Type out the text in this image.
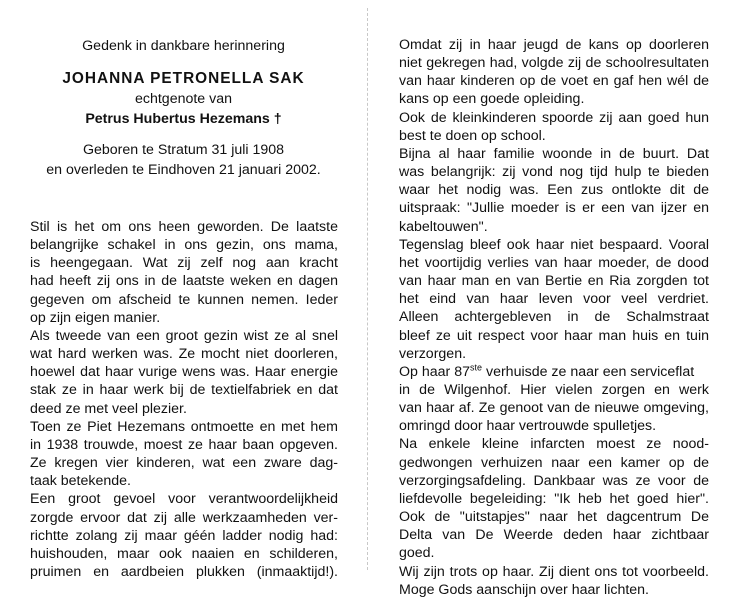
Gedenk in dankbare herinnering
JOHANNA PETRONELLA SAK
echtgenote van
Petrus Hubertus Hezemans †
Geboren te Stratum 31 juli 1908
en overleden te Eindhoven 21 januari 2002.
Stil is het om ons heen geworden. De laatste
belangrijke schakel in ons gezin, ons mama,
is heengegaan. Wat zij zelf nog aan kracht
had heeft zij ons in de laatste weken en dagen
gegeven om afscheid te kunnen nemen. Ieder
op zijn eigen manier.
Als tweede van een groot gezin wist ze al snel
wat hard werken was. Ze mocht niet doorleren,
hoewel dat haar vurige wens was. Haar energie
stak ze in haar werk bij de textielfabriek en dat
deed ze met veel plezier.
Toen ze Piet Hezemans ontmoette en met hem
in 1938 trouwde, moest ze haar baan opgeven.
Ze kregen vier kinderen, wat een zware dag-
taak betekende.
Een groot gevoel voor verantwoordelijkheid
zorgde ervoor dat zij alle werkzaamheden ver-
richtte zolang zij maar géén ladder nodig had:
huishouden, maar ook naaien en schilderen,
pruimen en aardbeien plukken (inmaaktijd!).
Omdat zij in haar jeugd de kans op doorleren
niet gekregen had, volgde zij de schoolresultaten
van haar kinderen op de voet en gaf hen wél de
kans op een goede opleiding.
Ook de kleinkinderen spoorde zij aan goed hun
best te doen op school.
Bijna al haar familie woonde in de buurt. Dat
was belangrijk: zij vond nog tijd hulp te bieden
waar het nodig was. Een zus ontlokte dit de
uitspraak: "Jullie moeder is er een van ijzer en
kabeltouwen".
Tegenslag bleef ook haar niet bespaard. Vooral
het voortijdig verlies van haar moeder, de dood
van haar man en van Bertie en Ria zorgden tot
het eind van haar leven voor veel verdriet.
Alleen achtergebleven in de Schalmstraat
bleef ze uit respect voor haar man huis en tuin
verzorgen.
Op haar 87ste verhuisde ze naar een serviceflat
in de Wilgenhof. Hier vielen zorgen en werk
van haar af. Ze genoot van de nieuwe omgeving,
omringd door haar vertrouwde spulletjes.
Na enkele kleine infarcten moest ze nood-
gedwongen verhuizen naar een kamer op de
verzorgingsafdeling. Dankbaar was ze voor de
liefdevolle begeleiding: "Ik heb het goed hier".
Ook de "uitstapjes" naar het dagcentrum De
Delta van De Weerde deden haar zichtbaar
goed.
Wij zijn trots op haar. Zij dient ons tot voorbeeld.
Moge Gods aanschijn over haar lichten.
